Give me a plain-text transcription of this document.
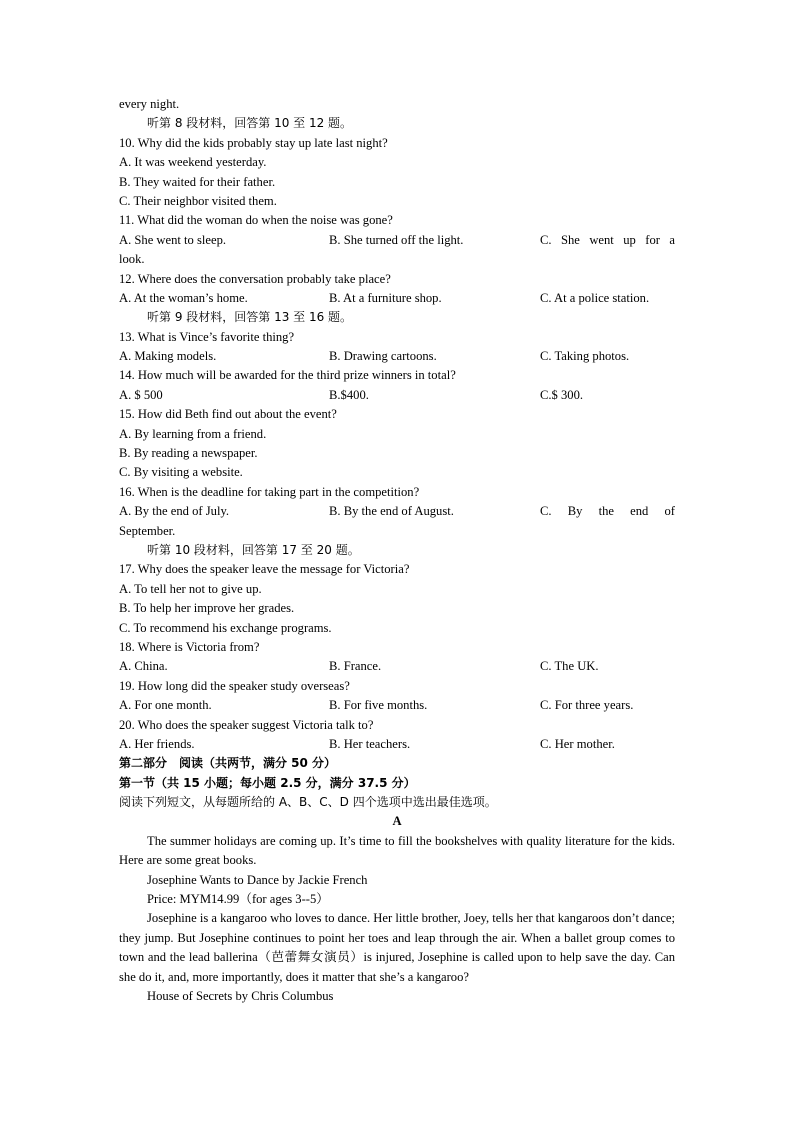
every night.
听第 8 段材料，回答第 10 至 12 题。
10. Why did the kids probably stay up late last night?
A. It was weekend yesterday.
B. They waited for their father.
C. Their neighbor visited them.
11. What did the woman do when the noise was gone?
A. She went to sleep.	B. She turned off the light.	C. She went up for a
look.
12. Where does the conversation probably take place?
A. At the woman’s home.	B. At a furniture shop.	C. At a police station.
听第 9 段材料，回答第 13 至 16 题。
13. What is Vince’s favorite thing?
A. Making models.	B. Drawing cartoons.	C. Taking photos.
14. How much will be awarded for the third prize winners in total?
A. $ 500	B.$400.	C.$ 300.
15. How did Beth find out about the event?
A. By learning from a friend.
B. By reading a newspaper.
C. By visiting a website.
16. When is the deadline for taking part in the competition?
A. By the end of July.	B. By the end of August.	C. By the end of
September.
听第 10 段材料，回答第 17 至 20 题。
17. Why does the speaker leave the message for Victoria?
A. To tell her not to give up.
B. To help her improve her grades.
C. To recommend his exchange programs.
18. Where is Victoria from?
A. China.	B. France.	C. The UK.
19. How long did the speaker study overseas?
A. For one month.	B. For five months.	C. For three years.
20. Who does the speaker suggest Victoria talk to?
A. Her friends.	B. Her teachers.	C. Her mother.
第二部分　阅读（共两节，满分 50 分）
第一节（共 15 小题；每小题 2.5 分，满分 37.5 分）
阅读下列短文，从每题所给的 A、B、C、D 四个选项中选出最佳选项。
A
The summer holidays are coming up. It’s time to fill the bookshelves with quality literature for the kids. Here are some great books.
Josephine Wants to Dance by Jackie French
Price: MYM14.99（for ages 3--5）
Josephine is a kangaroo who loves to dance. Her little brother, Joey, tells her that kangaroos don’t dance; they jump. But Josephine continues to point her toes and leap through the air. When a ballet group comes to town and the lead ballerina（芭蕾舞女演员）is injured, Josephine is called upon to help save the day. Can she do it, and, more importantly, does it matter that she’s a kangaroo?
House of Secrets by Chris Columbus
